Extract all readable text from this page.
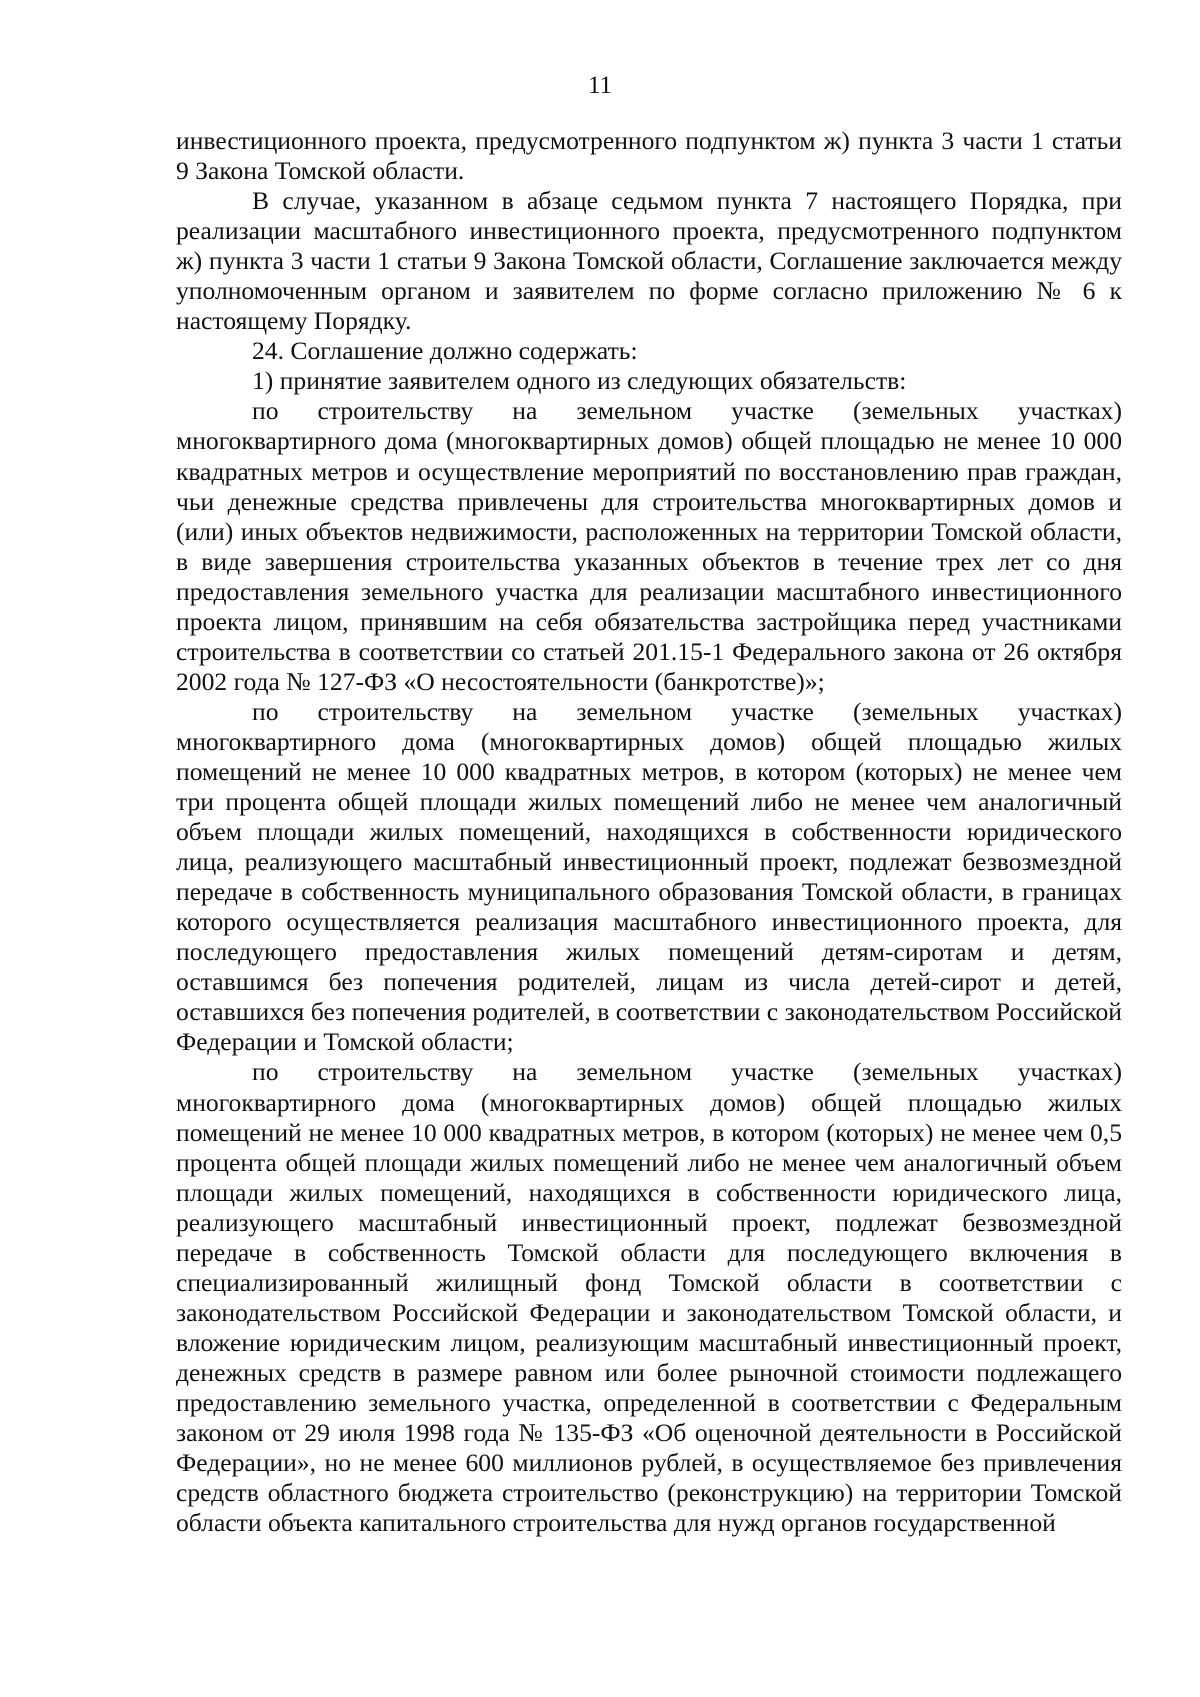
11

инвестиционного проекта, предусмотренного подпунктом ж) пункта 3 части 1 статьи 9 Закона Томской области.

В случае, указанном в абзаце седьмом пункта 7 настоящего Порядка, при реализации масштабного инвестиционного проекта, предусмотренного подпунктом ж) пункта 3 части 1 статьи 9 Закона Томской области, Соглашение заключается между уполномоченным органом и заявителем по форме согласно приложению № 6 к настоящему Порядку.

24. Соглашение должно содержать:

1) принятие заявителем одного из следующих обязательств:

по строительству на земельном участке (земельных участках) многоквартирного дома (многоквартирных домов) общей площадью не менее 10 000 квадратных метров и осуществление мероприятий по восстановлению прав граждан, чьи денежные средства привлечены для строительства многоквартирных домов и (или) иных объектов недвижимости, расположенных на территории Томской области, в виде завершения строительства указанных объектов в течение трех лет со дня предоставления земельного участка для реализации масштабного инвестиционного проекта лицом, принявшим на себя обязательства застройщика перед участниками строительства в соответствии со статьей 201.15-1 Федерального закона от 26 октября 2002 года № 127-ФЗ «О несостоятельности (банкротстве)»;

по строительству на земельном участке (земельных участках) многоквартирного дома (многоквартирных домов) общей площадью жилых помещений не менее 10 000 квадратных метров, в котором (которых) не менее чем три процента общей площади жилых помещений либо не менее чем аналогичный объем площади жилых помещений, находящихся в собственности юридического лица, реализующего масштабный инвестиционный проект, подлежат безвозмездной передаче в собственность муниципального образования Томской области, в границах которого осуществляется реализация масштабного инвестиционного проекта, для последующего предоставления жилых помещений детям-сиротам и детям, оставшимся без попечения родителей, лицам из числа детей-сирот и детей, оставшихся без попечения родителей, в соответствии с законодательством Российской Федерации и Томской области;

по строительству на земельном участке (земельных участках) многоквартирного дома (многоквартирных домов) общей площадью жилых помещений не менее 10 000 квадратных метров, в котором (которых) не менее чем 0,5 процента общей площади жилых помещений либо не менее чем аналогичный объем площади жилых помещений, находящихся в собственности юридического лица, реализующего масштабный инвестиционный проект, подлежат безвозмездной передаче в собственность Томской области для последующего включения в специализированный жилищный фонд Томской области в соответствии с законодательством Российской Федерации и законодательством Томской области, и вложение юридическим лицом, реализующим масштабный инвестиционный проект, денежных средств в размере равном или более рыночной стоимости подлежащего предоставлению земельного участка, определенной в соответствии с Федеральным законом от 29 июля 1998 года № 135-ФЗ «Об оценочной деятельности в Российской Федерации», но не менее 600 миллионов рублей, в осуществляемое без привлечения средств областного бюджета строительство (реконструкцию) на территории Томской области объекта капитального строительства для нужд органов государственной
